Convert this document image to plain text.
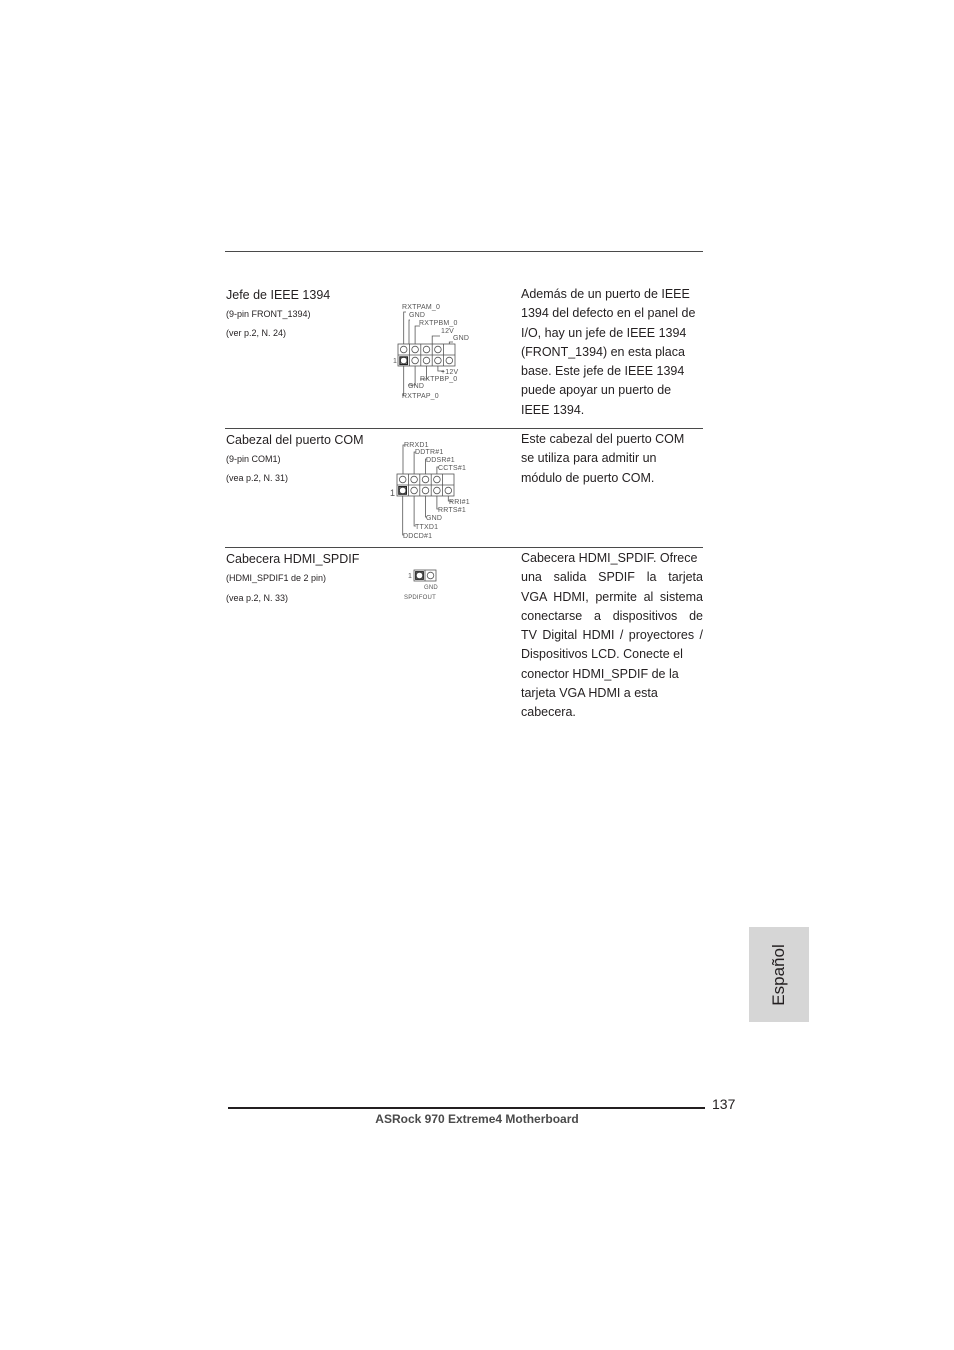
Jefe de IEEE 1394
(9-pin FRONT_1394)
(ver p.2, N. 24)
RXTPAM_0
GND
RXTPBM_0
12V
GND
1
+12V
GND
RXTPBP_0
RXTPAP_0
Además de un puerto de IEEE
1394 del defecto en el panel de
I/O, hay un jefe de IEEE 1394
(FRONT_1394) en esta placa
base. Este jefe de IEEE 1394
puede apoyar un puerto de
IEEE 1394.
Cabezal del puerto COM
(9-pin COM1)
(vea p.2, N. 31)
RRXD1
DDTR#1
DDSR#1
CCTS#1
1
RRI#1
RRTS#1
GND
TTXD1
DDCD#1
Este cabezal del puerto COM
se utiliza para admitir un
módulo de puerto COM.
Cabecera HDMI_SPDIF
(HDMI_SPDIF1 de 2 pin)
(vea p.2, N. 33)
1
GND
SPDIFOUT
Cabecera HDMI_SPDIF. Ofrece
una salida SPDIF la tarjeta
VGA HDMI, permite al sistema
conectarse a dispositivos de
TV Digital HDMI / proyectores /
Dispositivos LCD. Conecte el
conector HDMI_SPDIF de la
tarjeta VGA HDMI a esta
cabecera.
Español
137
ASRock 970 Extreme4 Motherboard
